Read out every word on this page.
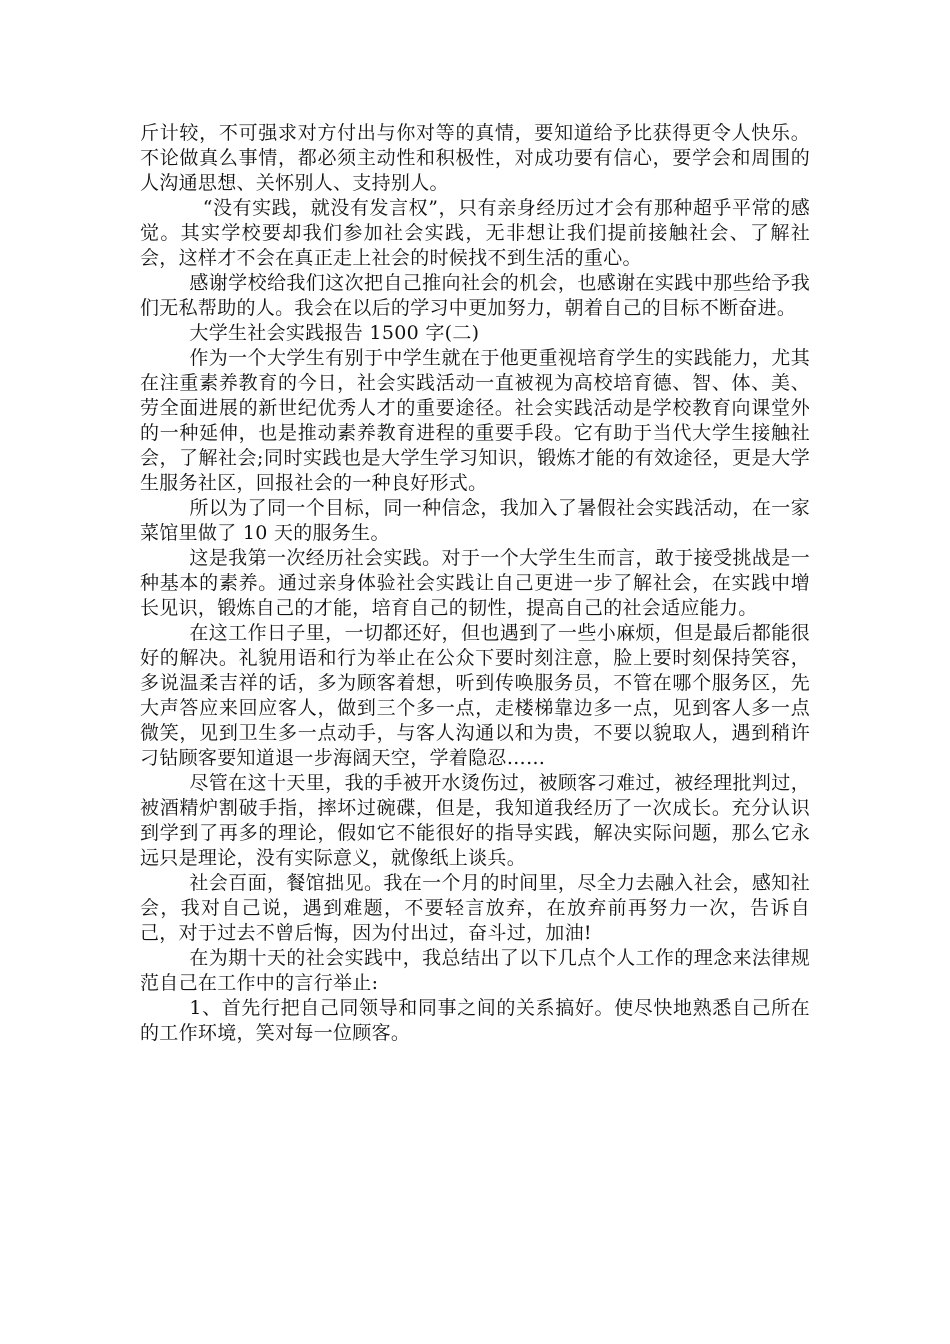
斤计较，不可强求对方付出与你对等的真情，要知道给予比获得更令人快乐。不论做真么事情，都必须主动性和积极性，对成功要有信心，要学会和周围的人沟通思想、关怀别人、支持别人。

“没有实践，就没有发言权”，只有亲身经历过才会有那种超乎平常的感觉。其实学校要却我们参加社会实践，无非想让我们提前接触社会、了解社会，这样才不会在真正走上社会的时候找不到生活的重心。

感谢学校给我们这次把自己推向社会的机会，也感谢在实践中那些给予我们无私帮助的人。我会在以后的学习中更加努力，朝着自己的目标不断奋进。

大学生社会实践报告 1500 字(二)

作为一个大学生有别于中学生就在于他更重视培育学生的实践能力，尤其在注重素养教育的今日，社会实践活动一直被视为高校培育德、智、体、美、劳全面进展的新世纪优秀人才的重要途径。社会实践活动是学校教育向课堂外的一种延伸，也是推动素养教育进程的重要手段。它有助于当代大学生接触社会，了解社会;同时实践也是大学生学习知识，锻炼才能的有效途径，更是大学生服务社区，回报社会的一种良好形式。

所以为了同一个目标，同一种信念，我加入了暑假社会实践活动，在一家菜馆里做了 10 天的服务生。

这是我第一次经历社会实践。对于一个大学生生而言，敢于接受挑战是一种基本的素养。通过亲身体验社会实践让自己更进一步了解社会，在实践中增长见识，锻炼自己的才能，培育自己的韧性，提高自己的社会适应能力。

在这工作日子里，一切都还好，但也遇到了一些小麻烦，但是最后都能很好的解决。礼貌用语和行为举止在公众下要时刻注意，脸上要时刻保持笑容，多说温柔吉祥的话，多为顾客着想，听到传唤服务员，不管在哪个服务区，先大声答应来回应客人，做到三个多一点，走楼梯靠边多一点，见到客人多一点微笑，见到卫生多一点动手，与客人沟通以和为贵，不要以貌取人，遇到稍许刁钻顾客要知道退一步海阔天空，学着隐忍……

尽管在这十天里，我的手被开水烫伤过，被顾客刁难过，被经理批判过，被酒精炉割破手指，摔坏过碗碟，但是，我知道我经历了一次成长。充分认识到学到了再多的理论，假如它不能很好的指导实践，解决实际问题，那么它永远只是理论，没有实际意义，就像纸上谈兵。

社会百面，餐馆拙见。我在一个月的时间里，尽全力去融入社会，感知社会，我对自己说，遇到难题，不要轻言放弃，在放弃前再努力一次，告诉自己，对于过去不曾后悔，因为付出过，奋斗过，加油!

在为期十天的社会实践中，我总结出了以下几点个人工作的理念来法律规范自己在工作中的言行举止:

1、首先行把自己同领导和同事之间的关系搞好。使尽快地熟悉自己所在的工作环境，笑对每一位顾客。
